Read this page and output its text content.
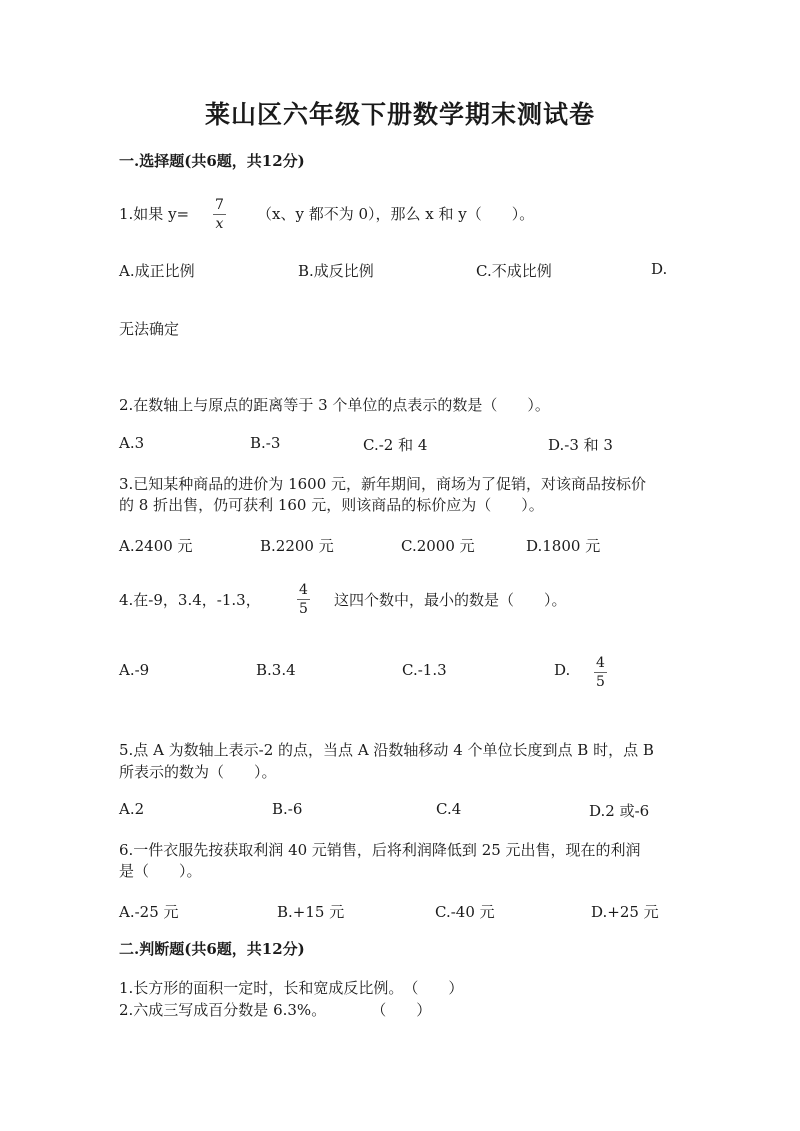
莱山区六年级下册数学期末测试卷
一.选择题(共6题，共12分)
1.如果 y= 7
x
（x、y 都不为 0），那么 x 和 y（　　）。
A.成正比例	B.成反比例	C.不成比例	D.
无法确定
2.在数轴上与原点的距离等于 3 个单位的点表示的数是（　　）。
A.3	B.-3	C.-2 和 4	D.-3 和 3
3.已知某种商品的进价为 1600 元，新年期间，商场为了促销，对该商品按标价
的 8 折出售，仍可获利 160 元，则该商品的标价应为（　　）。
A.2400 元	B.2200 元	C.2000 元	D.1800 元
4.在-9，3.4，-1.3，
4
5 这四个数中，最小的数是（　　）。
A.-9	B.3.4	C.-1.3	D. 4
5
5.点 A 为数轴上表示-2 的点，当点 A 沿数轴移动 4 个单位长度到点 B 时，点 B
所表示的数为（　　）。
A.2	B.-6	C.4	D.2 或-6
6.一件衣服先按获取利润 40 元销售，后将利润降低到 25 元出售，现在的利润
是（　　）。
A.-25 元	B.+15 元	C.-40 元	D.+25 元
二.判断题(共6题，共12分)
1.长方形的面积一定时，长和宽成反比例。　（　　）
2.六成三写成百分数是 6.3%。　　　　（　　）
